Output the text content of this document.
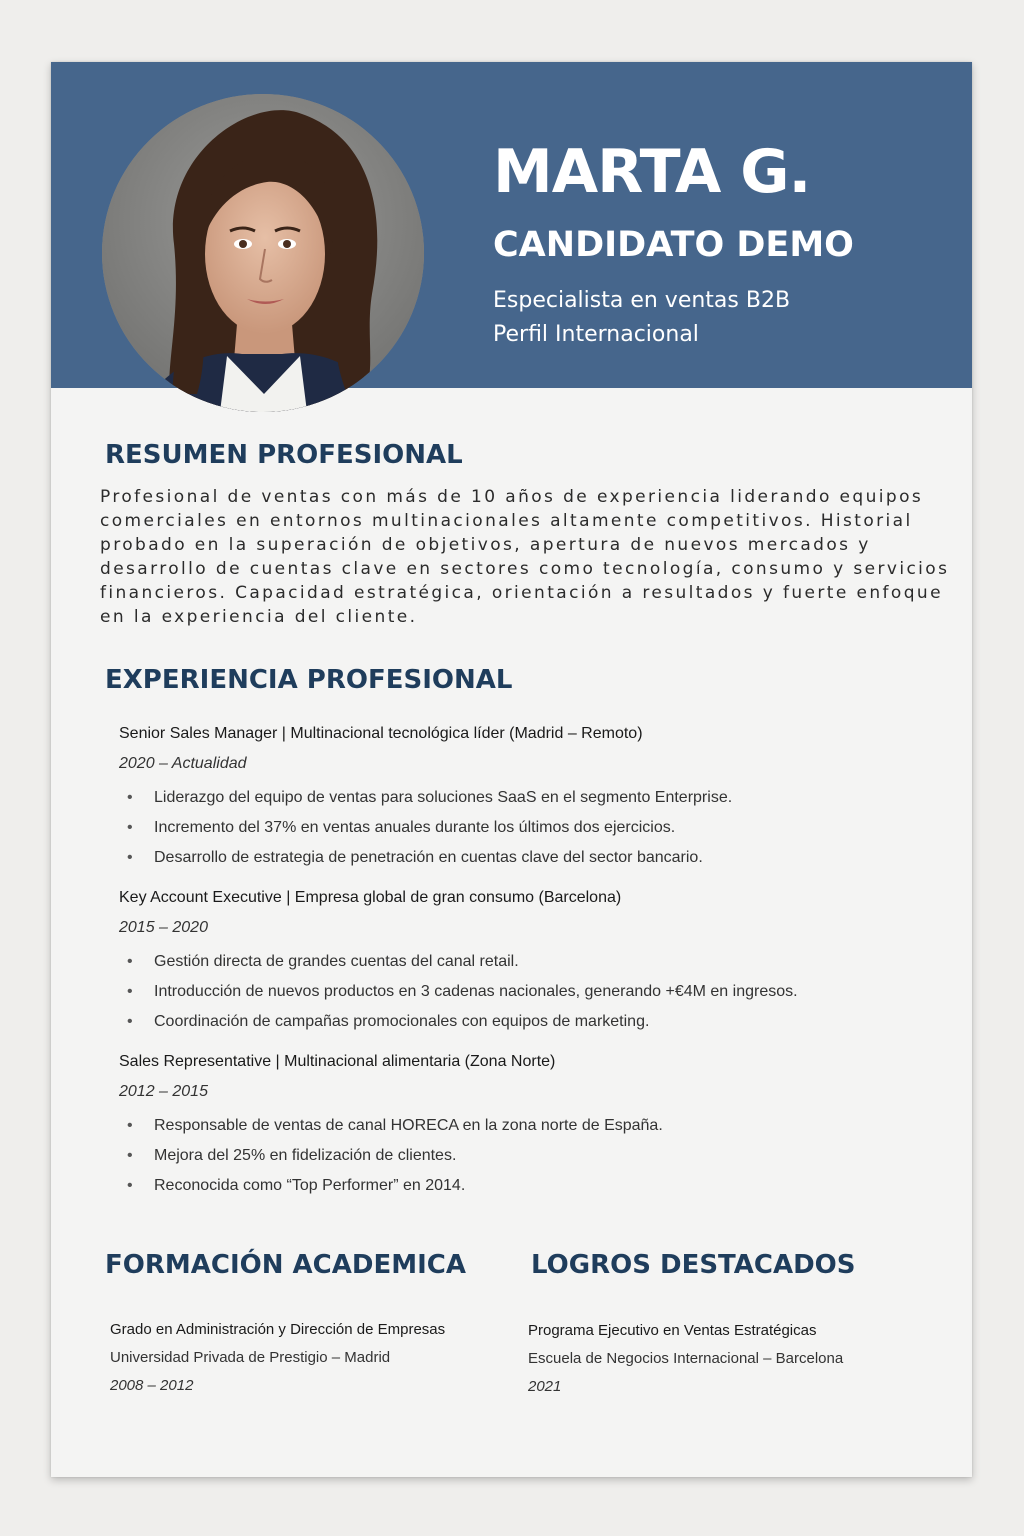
MARTA G.
CANDIDATO DEMO
Especialista en ventas B2B
Perfil Internacional
RESUMEN PROFESIONAL

Profesional de ventas con más de 10 años de experiencia liderando equipos comerciales en entornos multinacionales altamente competitivos. Historial probado en la superación de objetivos, apertura de nuevos mercados y desarrollo de cuentas clave en sectores como tecnología, consumo y servicios financieros. Capacidad estratégica, orientación a resultados y fuerte enfoque en la experiencia del cliente.

EXPERIENCIA PROFESIONAL
Senior Sales Manager | Multinacional tecnológica líder (Madrid – Remoto)
2020 – Actualidad
• Liderazgo del equipo de ventas para soluciones SaaS en el segmento Enterprise.
• Incremento del 37% en ventas anuales durante los últimos dos ejercicios.
• Desarrollo de estrategia de penetración en cuentas clave del sector bancario.
Key Account Executive | Empresa global de gran consumo (Barcelona)
2015 – 2020
• Gestión directa de grandes cuentas del canal retail.
• Introducción de nuevos productos en 3 cadenas nacionales, generando +€4M en ingresos.
• Coordinación de campañas promocionales con equipos de marketing.
Sales Representative | Multinacional alimentaria (Zona Norte)
2012 – 2015
• Responsable de ventas de canal HORECA en la zona norte de España.
• Mejora del 25% en fidelización de clientes.
• Reconocida como “Top Performer” en 2014.
FORMACIÓN ACADEMICA	LOGROS DESTACADOS
Grado en Administración y Dirección de Empresas
Universidad Privada de Prestigio – Madrid
2008 – 2012
Programa Ejecutivo en Ventas Estratégicas
Escuela de Negocios Internacional – Barcelona
2021
